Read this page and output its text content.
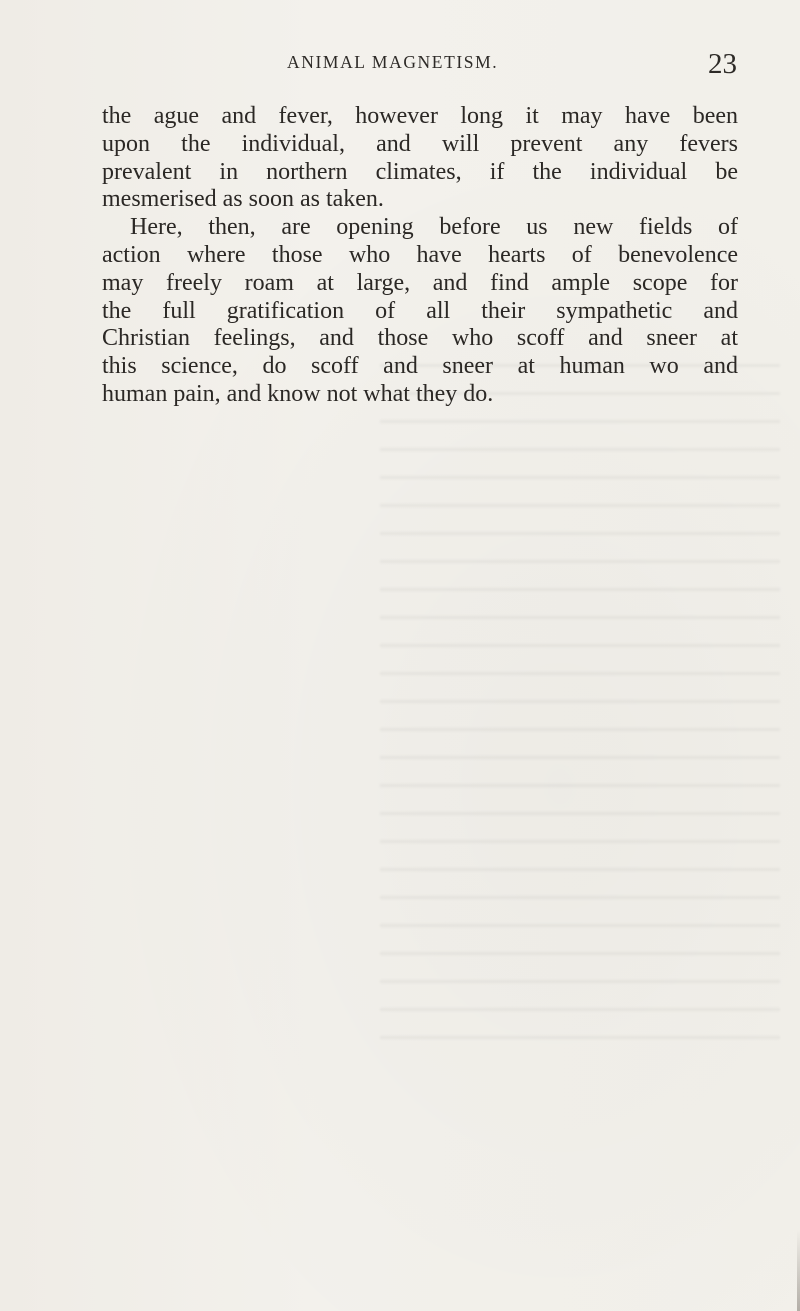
ANIMAL MAGNETISM.	23
the ague and fever, however long it may have been
upon the individual, and will prevent any fevers
prevalent in northern climates, if the individual be
mesmerised as soon as taken.
Here, then, are opening before us new fields of
action where those who have hearts of benevolence
may freely roam at large, and find ample scope for
the full gratification of all their sympathetic and
Christian feelings, and those who scoff and sneer at
this science, do scoff and sneer at human wo and
human pain, and know not what they do.
